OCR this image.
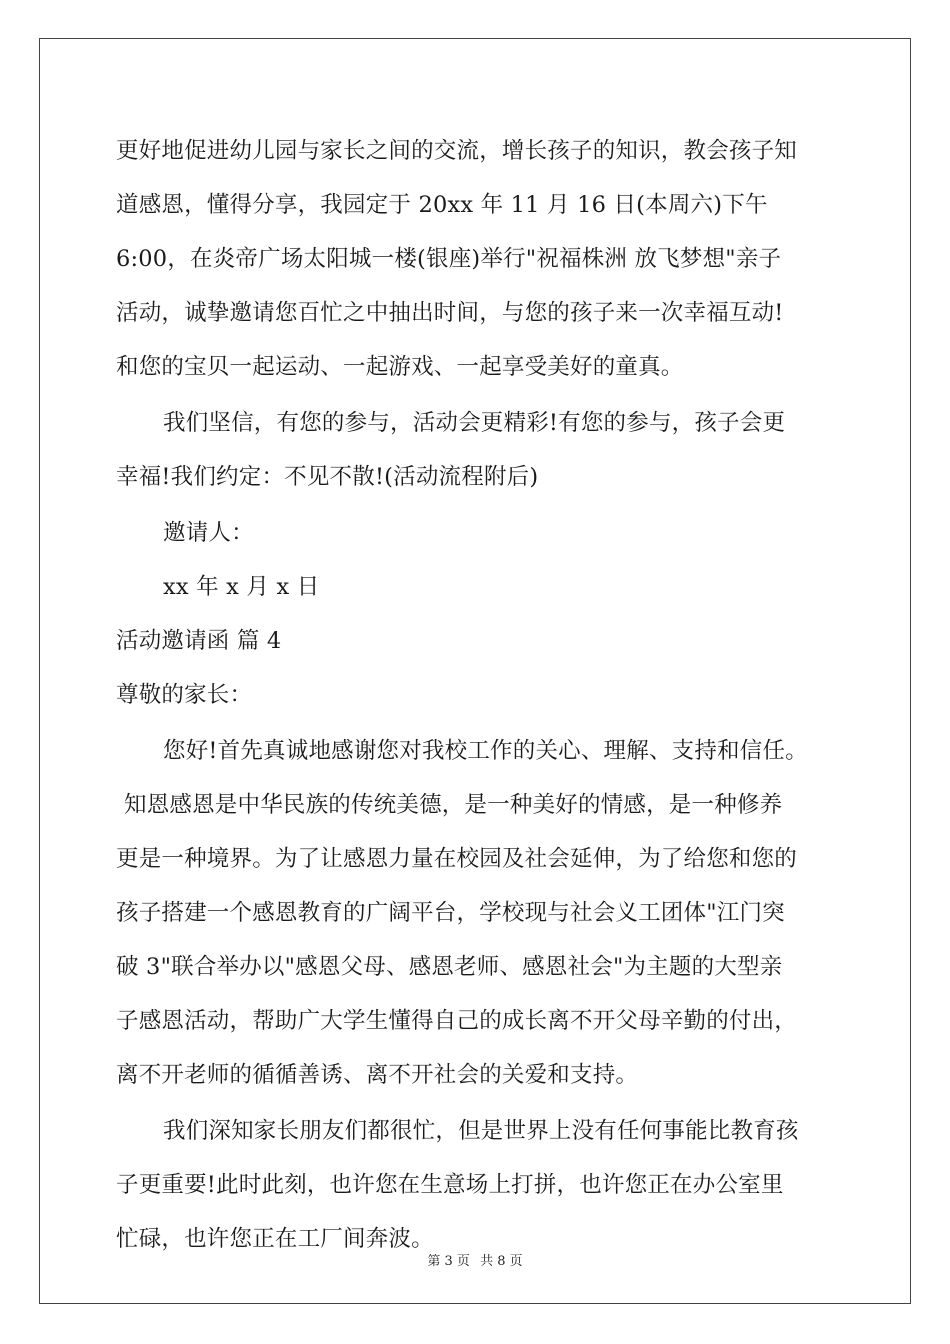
更好地促进幼儿园与家长之间的交流，增长孩子的知识，教会孩子知
道感恩，懂得分享，我园定于 20xx 年 11 月 16 日(本周六)下午
6:00，在炎帝广场太阳城一楼(银座)举行"祝福株洲 放飞梦想"亲子
活动，诚挚邀请您百忙之中抽出时间，与您的孩子来一次幸福互动!
和您的宝贝一起运动、一起游戏、一起享受美好的童真。
我们坚信，有您的参与，活动会更精彩!有您的参与，孩子会更
幸福!我们约定：不见不散!(活动流程附后)
邀请人：
xx 年 x 月 x 日
活动邀请函 篇 4
尊敬的家长：
您好!首先真诚地感谢您对我校工作的关心、理解、支持和信任。
知恩感恩是中华民族的传统美德，是一种美好的情感，是一种修养
更是一种境界。为了让感恩力量在校园及社会延伸，为了给您和您的
孩子搭建一个感恩教育的广阔平台，学校现与社会义工团体"江门突
破 3"联合举办以"感恩父母、感恩老师、感恩社会"为主题的大型亲
子感恩活动，帮助广大学生懂得自己的成长离不开父母辛勤的付出，
离不开老师的循循善诱、离不开社会的关爱和支持。
我们深知家长朋友们都很忙，但是世界上没有任何事能比教育孩
子更重要!此时此刻，也许您在生意场上打拼，也许您正在办公室里
忙碌，也许您正在工厂间奔波。
第 3 页 共 8 页
